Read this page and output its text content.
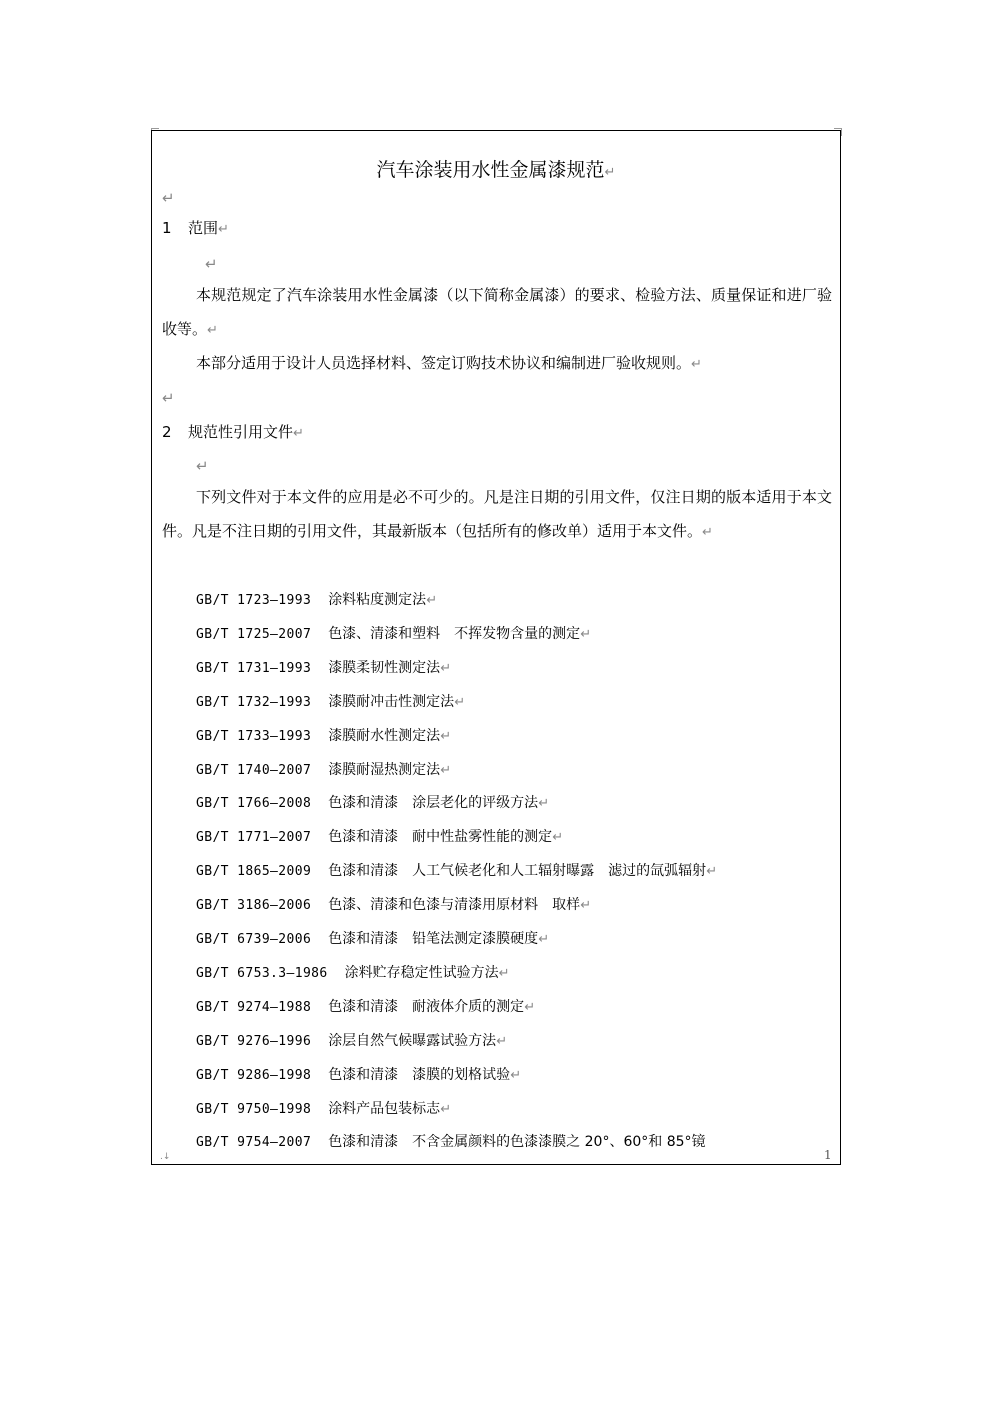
汽车涂装用水性金属漆规范↵
↵
1 范围↵
↵
本规范规定了汽车涂装用水性金属漆（以下简称金属漆）的要求、检验方法、质量保证和进厂验收等。↵
本部分适用于设计人员选择材料、签定订购技术协议和编制进厂验收规则。↵
↵
2 规范性引用文件↵
↵
下列文件对于本文件的应用是必不可少的。凡是注日期的引用文件，仅注日期的版本适用于本文件。凡是不注日期的引用文件，其最新版本（包括所有的修改单）适用于本文件。↵
GB/T 1723—1993 涂料粘度测定法↵
GB/T 1725—2007 色漆、清漆和塑料　不挥发物含量的测定↵
GB/T 1731—1993 漆膜柔韧性测定法↵
GB/T 1732—1993 漆膜耐冲击性测定法↵
GB/T 1733—1993 漆膜耐水性测定法↵
GB/T 1740—2007 漆膜耐湿热测定法↵
GB/T 1766—2008 色漆和清漆　涂层老化的评级方法↵
GB/T 1771—2007 色漆和清漆　耐中性盐雾性能的测定↵
GB/T 1865—2009 色漆和清漆　人工气候老化和人工辐射曝露　滤过的氙弧辐射↵
GB/T 3186—2006 色漆、清漆和色漆与清漆用原材料　取样↵
GB/T 6739—2006 色漆和清漆　铅笔法测定漆膜硬度↵
GB/T 6753.3—1986 涂料贮存稳定性试验方法↵
GB/T 9274—1988 色漆和清漆　耐液体介质的测定↵
GB/T 9276—1996 涂层自然气候曝露试验方法↵
GB/T 9286—1998 色漆和清漆　漆膜的划格试验↵
GB/T 9750—1998 涂料产品包装标志↵
GB/T 9754—2007 色漆和清漆　不含金属颜料的色漆漆膜之 20°、60°和 85°镜
.↓	1
